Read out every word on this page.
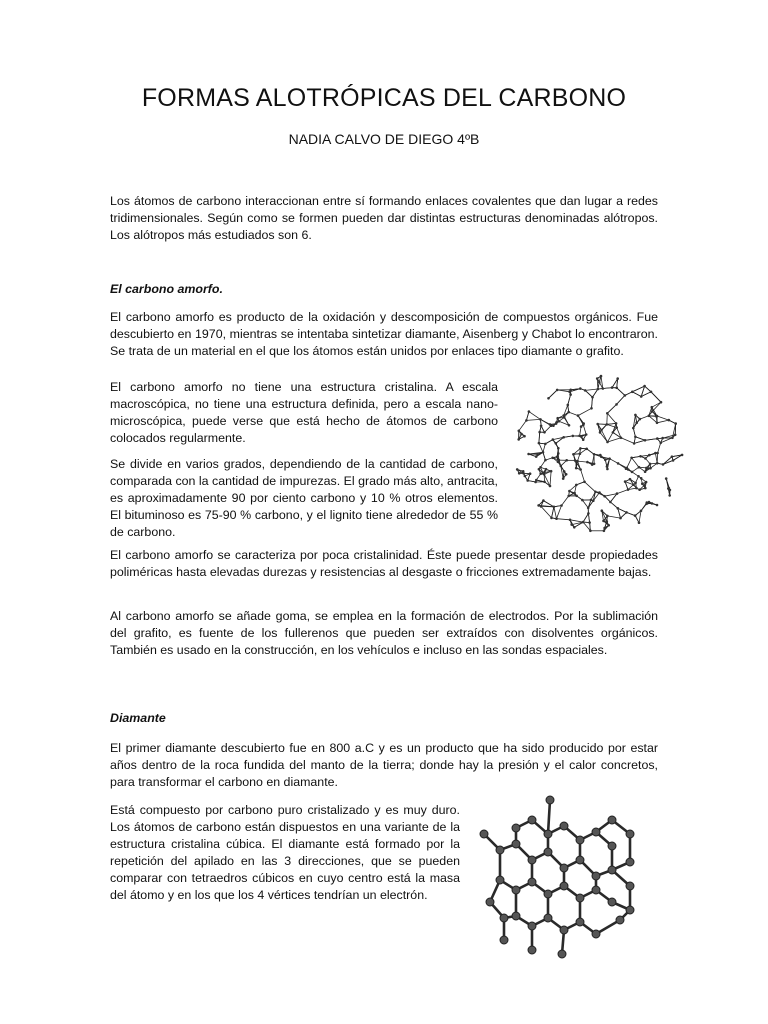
FORMAS ALOTRÓPICAS DEL CARBONO

NADIA CALVO DE DIEGO 4ºB

Los átomos de carbono interaccionan entre sí formando enlaces covalentes que dan lugar a redes tridimensionales. Según como se formen pueden dar distintas estructuras denominadas alótropos. Los alótropos más estudiados son 6.

El carbono amorfo.

El carbono amorfo es producto de la oxidación y descomposición de compuestos orgánicos. Fue descubierto en 1970, mientras se intentaba sintetizar diamante, Aisenberg y Chabot lo encontraron. Se trata de un material en el que los átomos están unidos por enlaces tipo diamante o grafito.

El carbono amorfo no tiene una estructura cristalina. A escala macroscópica, no tiene una estructura definida, pero a escala nano-microscópica, puede verse que está hecho de átomos de carbono colocados regularmente.

Se divide en varios grados, dependiendo de la cantidad de carbono, comparada con la cantidad de impurezas. El grado más alto, antracita, es aproximadamente 90 por ciento carbono y 10 % otros elementos. El bituminoso es 75-90 % carbono, y el lignito tiene alrededor de 55 % de carbono.

El carbono amorfo se caracteriza por poca cristalinidad. Éste puede presentar desde propiedades poliméricas hasta elevadas durezas y resistencias al desgaste o fricciones extremadamente bajas.

Al carbono amorfo se añade goma, se emplea en la formación de electrodos. Por la sublimación del grafito, es fuente de los fullerenos que pueden ser extraídos con disolventes orgánicos. También es usado en la construcción, en los vehículos e incluso en las sondas espaciales.

Diamante

El primer diamante descubierto fue en 800 a.C y es un producto que ha sido producido por estar años dentro de la roca fundida del manto de la tierra; donde hay la presión y el calor concretos, para transformar el carbono en diamante.

Está compuesto por carbono puro cristalizado y es muy duro. Los átomos de carbono están dispuestos en una variante de la estructura cristalina cúbica. El diamante está formado por la repetición del apilado en las 3 direcciones, que se pueden comparar con tetraedros cúbicos en cuyo centro está la masa del átomo y en los que los 4 vértices tendrían un electrón.
